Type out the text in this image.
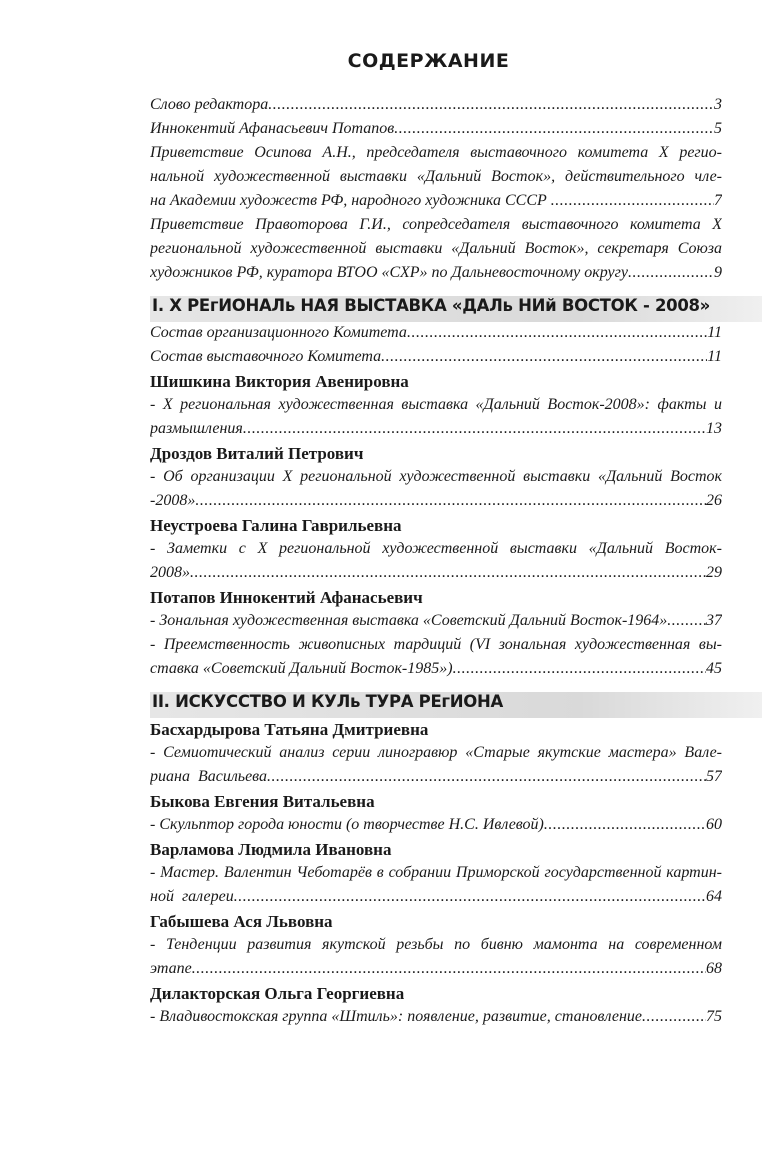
СОДЕРЖАНИЕ
Слово редактора .....	3
Иннокентий Афанасьевич Потапов .....	5
Приветствие Осипова А.Н., председателя выставочного комитета X регио-
нальной художественной выставки «Дальний Восток», действительного чле-
на Академии художеств РФ, народного художника СССР .....	7
Приветствие Правоторова Г.И., сопредседателя выставочного комитета X
региональной художественной выставки «Дальний Восток», секретаря Союза
художников РФ, куратора ВТОО «СХР» по Дальневосточному округу .....	9
I. X РЕгИОНАЛь НАЯ ВЫСТАВКА «ДАЛь НИй ВОСТОК - 2008»
Состав организационного Комитета .....	11
Состав выставочного Комитета .....	11
Шишкина Виктория Авенировна
- X региональная художественная выставка «Дальний Восток-2008»: факты и
размышления .....	13
Дроздов Виталий Петрович
- Об организации X региональной художественной выставки «Дальний Восток
-2008» .....	26
Неустроева Галина Гаврильевна
- Заметки с X региональной художественной выставки «Дальний Восток-
2008» .....	29
Потапов Иннокентий Афанасьевич
- Зональная художественная выставка «Советский Дальний Восток-1964» ..... 37
- Преемственность живописных тардиций (VI зональная художественная вы-
ставка «Советский Дальний Восток-1985») .....	45
II. ИСКУССТВО И КУЛь ТУРА РЕгИОНА
Басхардырова Татьяна Дмитриевна
- Семиотический анализ серии линогравюр «Старые якутские мастера» Вале-
риана  Васильева .....	57
Быкова Евгения Витальевна
- Скульптор города юности (о творчестве Н.С. Ивлевой) .....	60
Варламова Людмила Ивановна
- Мастер. Валентин Чеботарёв в собрании Приморской государственной картин-
ной  галереи .....	64
Габышева Ася Львовна
- Тенденции развития якутской резьбы по бивню мамонта на современном
этапе .....	68
Дилакторская Ольга Георгиевна
- Владивостокская группа «Штиль»: появление, развитие, становление .....	75
